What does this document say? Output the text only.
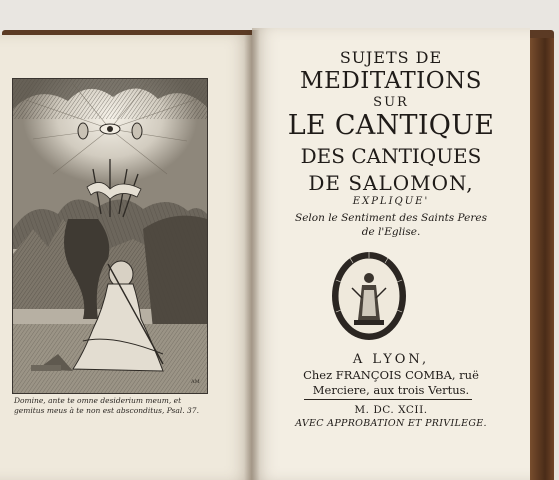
AM
Domine, ante te omne desiderium meum, et
gemitus meus à te non est absconditus, Psal. 37.
SUJETS DE
MEDITATIONS
SUR
LE CANTIQUE
DES CANTIQUES
DE SALOMON,
EXPLIQUE'
Selon le Sentiment des Saints Peres
de l'Eglise.
A LYON,
Chez FRANÇOIS COMBA, ruë
Merciere, aux trois Vertus.
M. DC. XCII.
AVEC APPROBATION ET PRIVILEGE.
